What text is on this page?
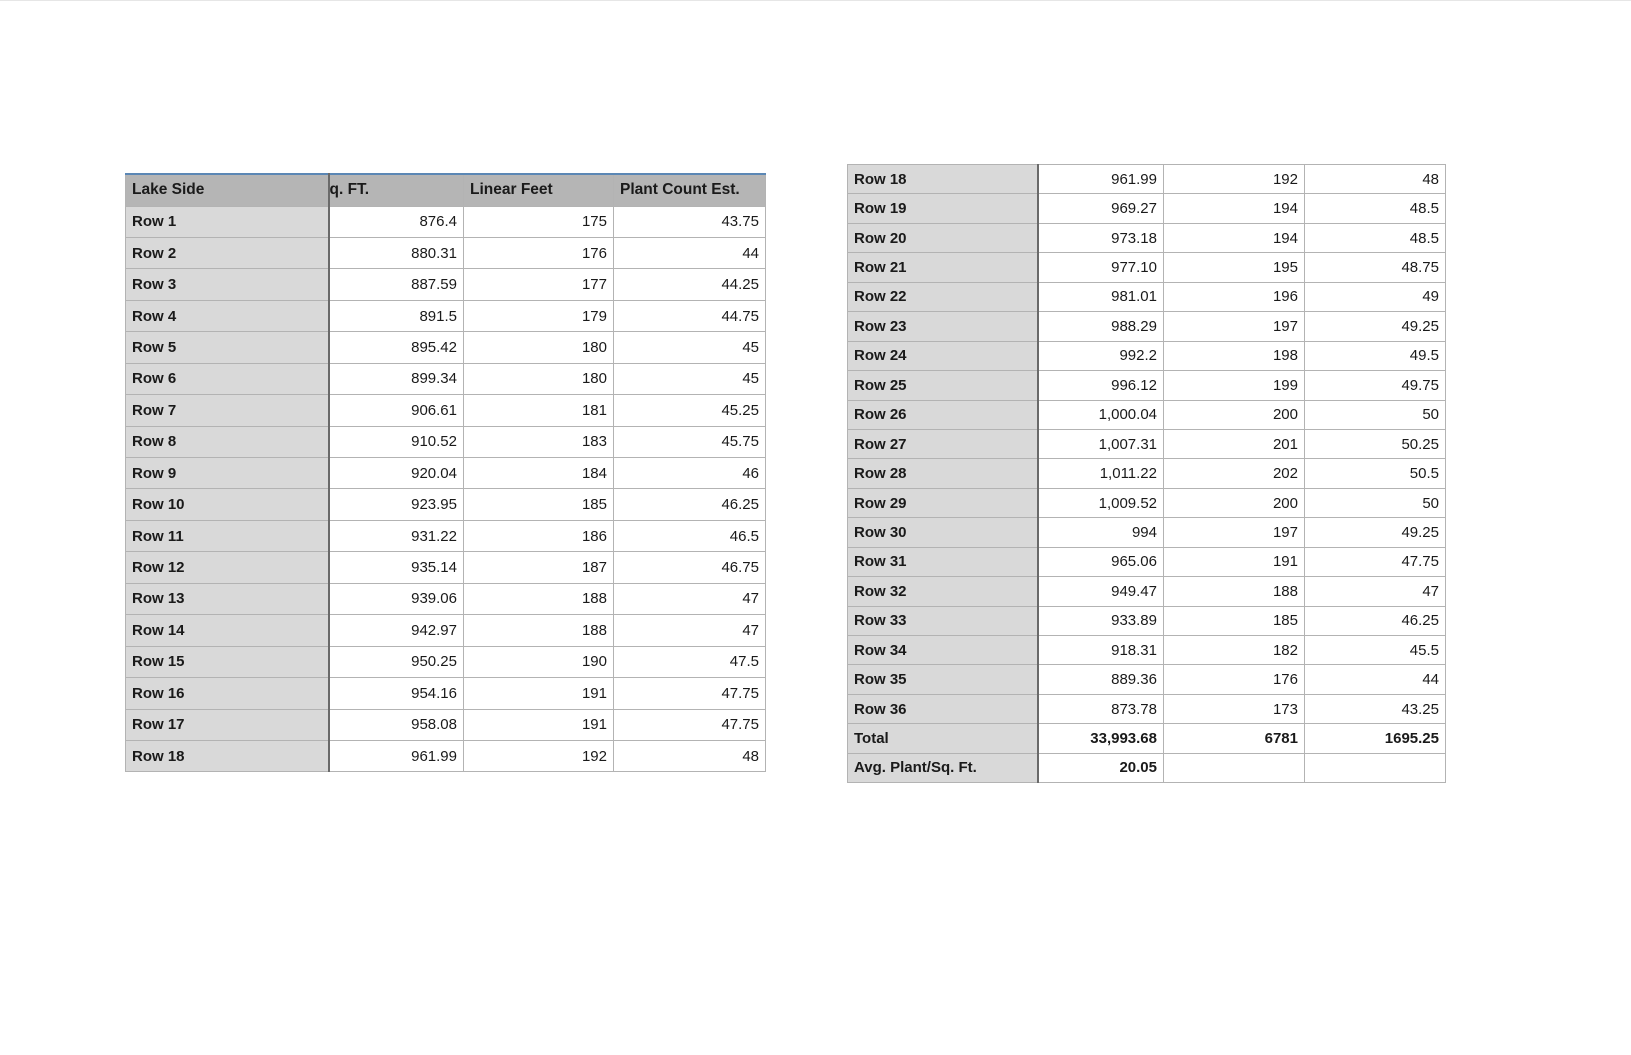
Lake Side	q. FT.	Linear Feet	Plant Count Est.
Row 1	876.4	175	43.75
Row 2	880.31	176	44
Row 3	887.59	177	44.25
Row 4	891.5	179	44.75
Row 5	895.42	180	45
Row 6	899.34	180	45
Row 7	906.61	181	45.25
Row 8	910.52	183	45.75
Row 9	920.04	184	46
Row 10	923.95	185	46.25
Row 11	931.22	186	46.5
Row 12	935.14	187	46.75
Row 13	939.06	188	47
Row 14	942.97	188	47
Row 15	950.25	190	47.5
Row 16	954.16	191	47.75
Row 17	958.08	191	47.75
Row 18	961.99	192	48
Row 18	961.99	192	48
Row 19	969.27	194	48.5
Row 20	973.18	194	48.5
Row 21	977.10	195	48.75
Row 22	981.01	196	49
Row 23	988.29	197	49.25
Row 24	992.2	198	49.5
Row 25	996.12	199	49.75
Row 26	1,000.04	200	50
Row 27	1,007.31	201	50.25
Row 28	1,011.22	202	50.5
Row 29	1,009.52	200	50
Row 30	994	197	49.25
Row 31	965.06	191	47.75
Row 32	949.47	188	47
Row 33	933.89	185	46.25
Row 34	918.31	182	45.5
Row 35	889.36	176	44
Row 36	873.78	173	43.25
Total	33,993.68	6781	1695.25
Avg. Plant/Sq. Ft.	20.05		
